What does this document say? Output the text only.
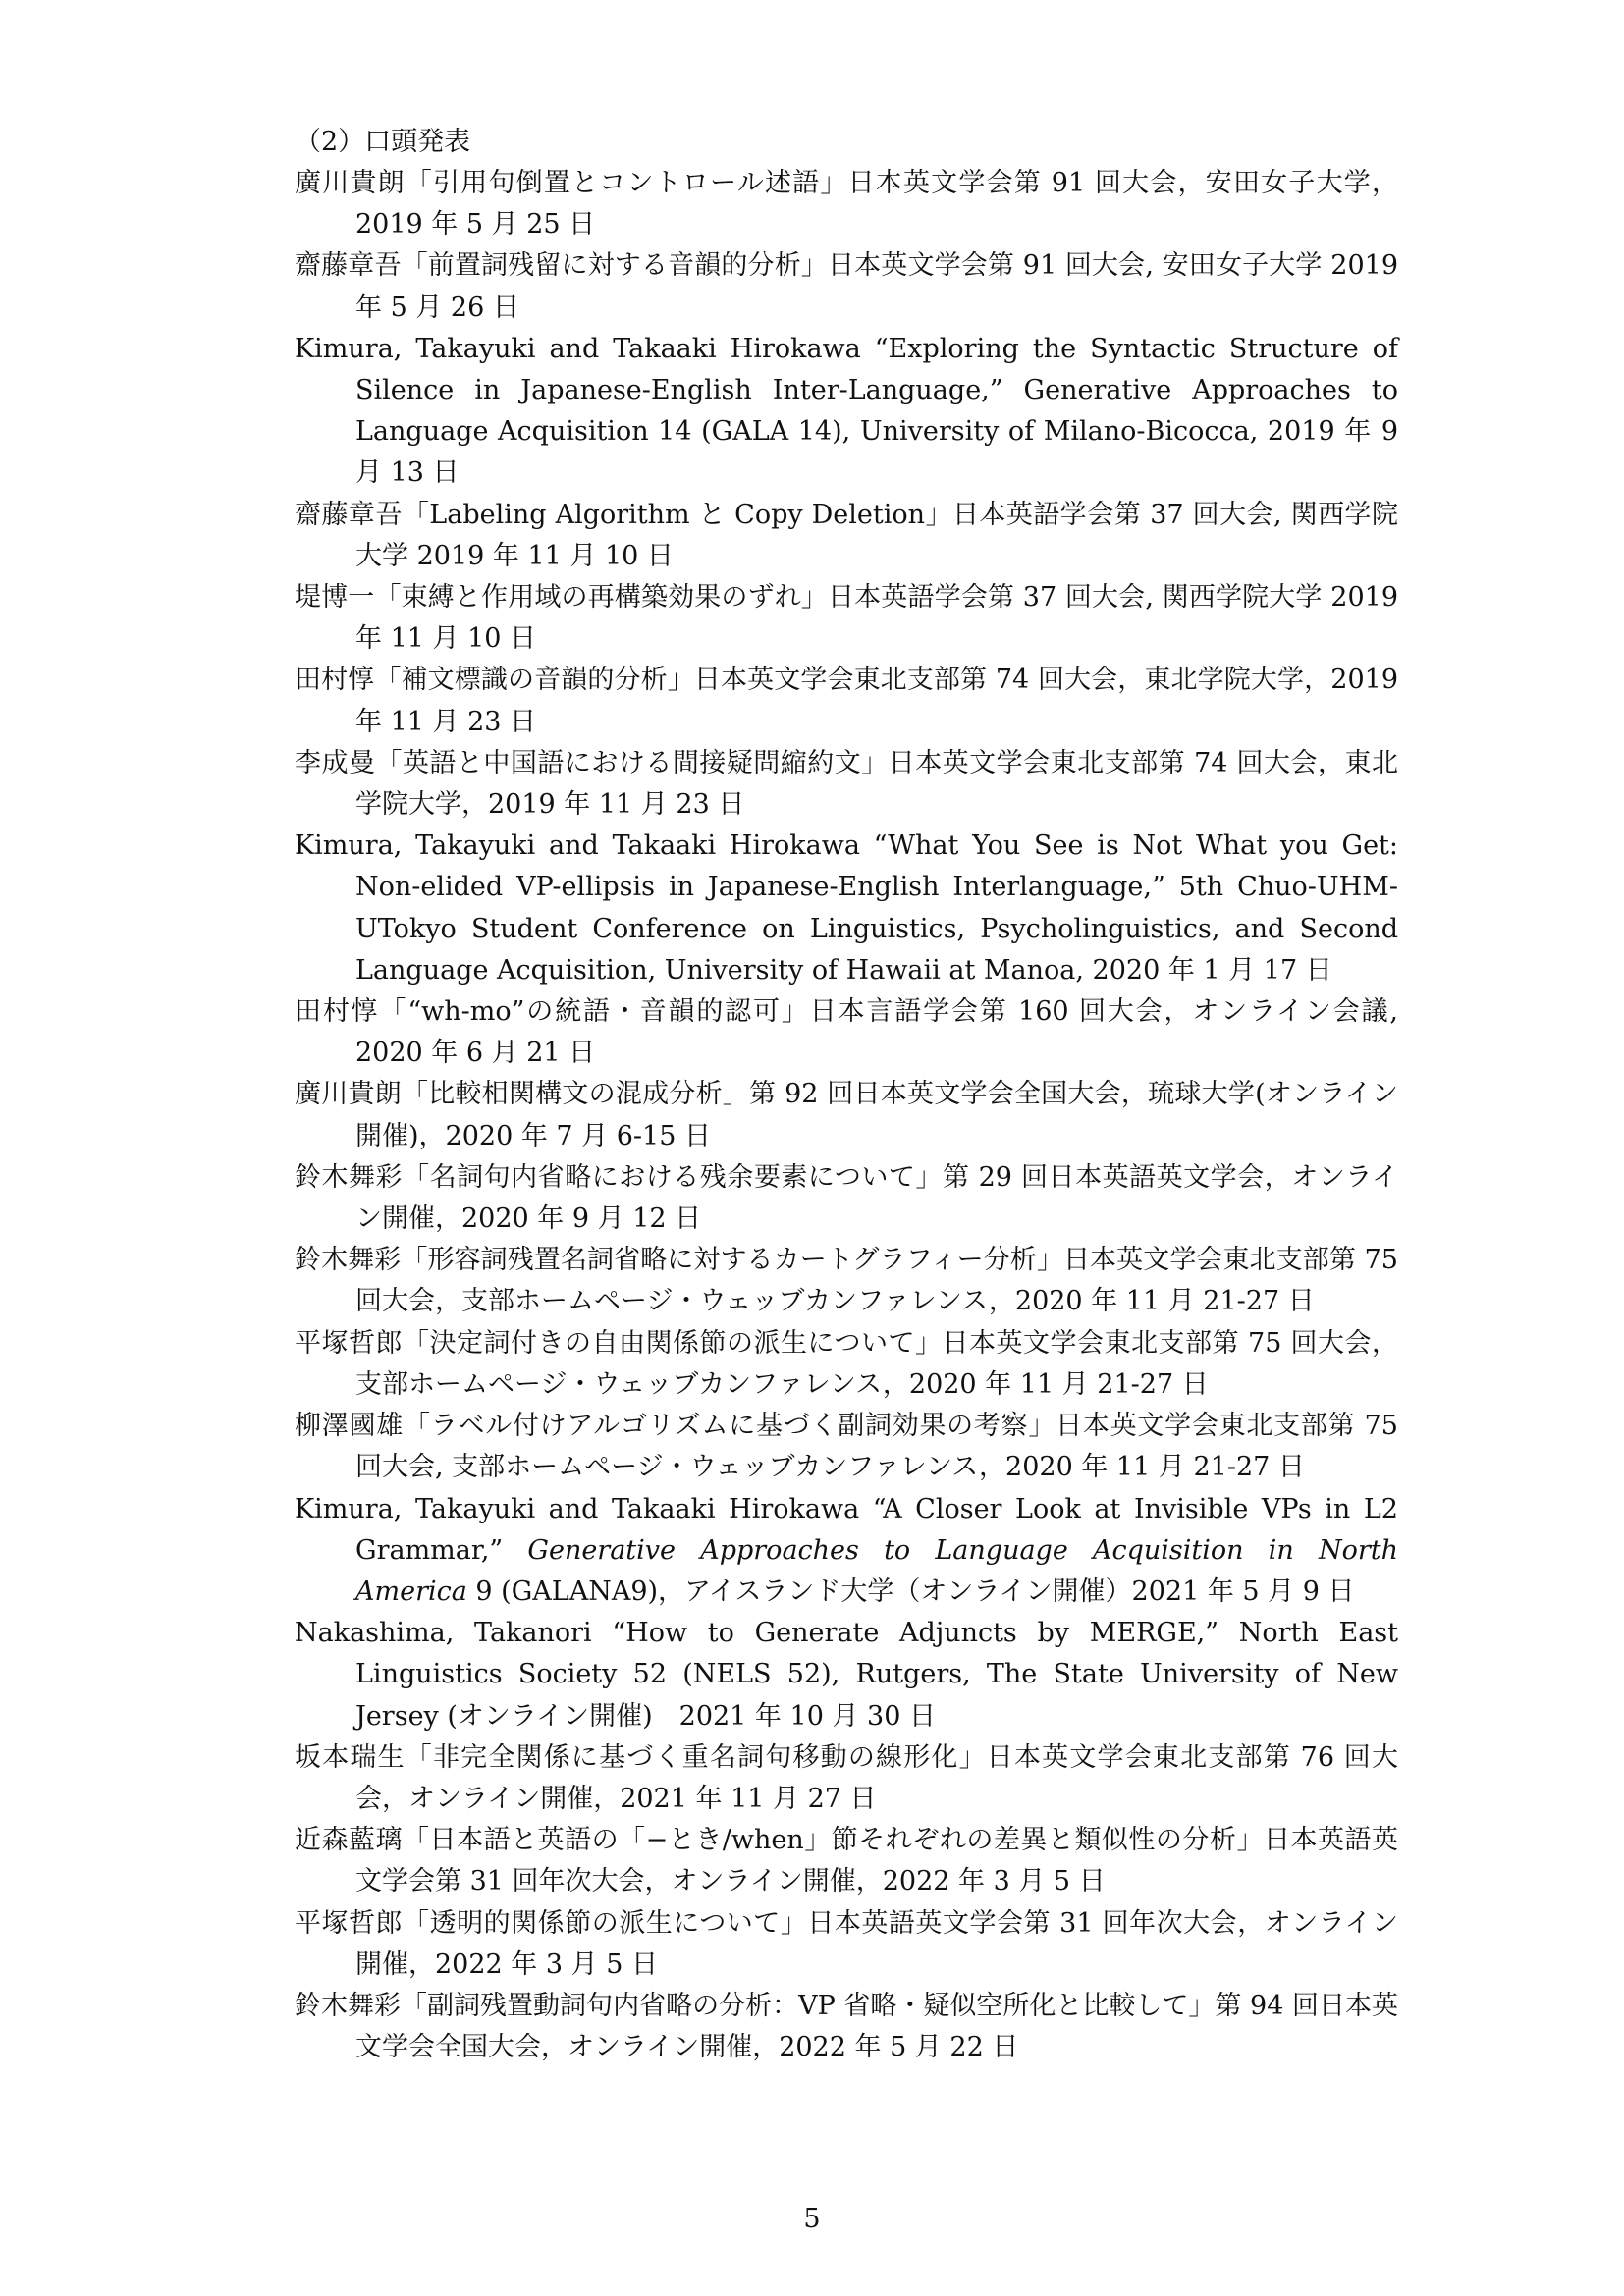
（2）口頭発表
廣川貴朗「引用句倒置とコントロール述語」日本英文学会第 91 回大会，安田女子大学，2019 年 5 月 25 日
齋藤章吾「前置詞残留に対する音韻的分析」日本英文学会第 91 回大会, 安田女子大学 2019 年 5 月 26 日
Kimura, Takayuki and Takaaki Hirokawa “Exploring the Syntactic Structure of Silence in Japanese-English Inter-Language,” Generative Approaches to Language Acquisition 14 (GALA 14), University of Milano-Bicocca, 2019 年 9 月 13 日
齋藤章吾「Labeling Algorithm と Copy Deletion」日本英語学会第 37 回大会, 関西学院大学 2019 年 11 月 10 日
堤博一「束縛と作用域の再構築効果のずれ」日本英語学会第 37 回大会, 関西学院大学 2019 年 11 月 10 日
田村惇「補文標識の音韻的分析」日本英文学会東北支部第 74 回大会，東北学院大学，2019 年 11 月 23 日
李成曼「英語と中国語における間接疑問縮約文」日本英文学会東北支部第 74 回大会，東北学院大学，2019 年 11 月 23 日
Kimura, Takayuki and Takaaki Hirokawa “What You See is Not What you Get: Non-elided VP-ellipsis in Japanese-English Interlanguage,” 5th Chuo-UHM-UTokyo Student Conference on Linguistics, Psycholinguistics, and Second Language Acquisition, University of Hawaii at Manoa, 2020 年 1 月 17 日
田村惇「“wh-mo”の統語・音韻的認可」日本言語学会第 160 回大会，オンライン会議, 2020 年 6 月 21 日
廣川貴朗「比較相関構文の混成分析」第 92 回日本英文学会全国大会，琉球大学(オンライン開催)，2020 年 7 月 6-15 日
鈴木舞彩「名詞句内省略における残余要素について」第 29 回日本英語英文学会，オンライン開催，2020 年 9 月 12 日
鈴木舞彩「形容詞残置名詞省略に対するカートグラフィー分析」日本英文学会東北支部第 75 回大会，支部ホームページ・ウェッブカンファレンス，2020 年 11 月 21-27 日
平塚哲郎「決定詞付きの自由関係節の派生について」日本英文学会東北支部第 75 回大会，支部ホームページ・ウェッブカンファレンス，2020 年 11 月 21-27 日
柳澤國雄「ラベル付けアルゴリズムに基づく副詞効果の考察」日本英文学会東北支部第 75 回大会, 支部ホームページ・ウェッブカンファレンス，2020 年 11 月 21-27 日
Kimura, Takayuki and Takaaki Hirokawa “A Closer Look at Invisible VPs in L2 Grammar,” Generative Approaches to Language Acquisition in North America 9 (GALANA9)，アイスランド大学（オンライン開催）2021 年 5 月 9 日
Nakashima, Takanori “How to Generate Adjuncts by MERGE,” North East Linguistics Society 52 (NELS 52), Rutgers, The State University of New Jersey (オンライン開催)　2021 年 10 月 30 日
坂本瑞生「非完全関係に基づく重名詞句移動の線形化」日本英文学会東北支部第 76 回大会，オンライン開催，2021 年 11 月 27 日
近森藍璃「日本語と英語の「−とき/when」節それぞれの差異と類似性の分析」日本英語英文学会第 31 回年次大会，オンライン開催，2022 年 3 月 5 日
平塚哲郎「透明的関係節の派生について」日本英語英文学会第 31 回年次大会，オンライン開催，2022 年 3 月 5 日
鈴木舞彩「副詞残置動詞句内省略の分析：VP 省略・疑似空所化と比較して」第 94 回日本英文学会全国大会，オンライン開催，2022 年 5 月 22 日
5
